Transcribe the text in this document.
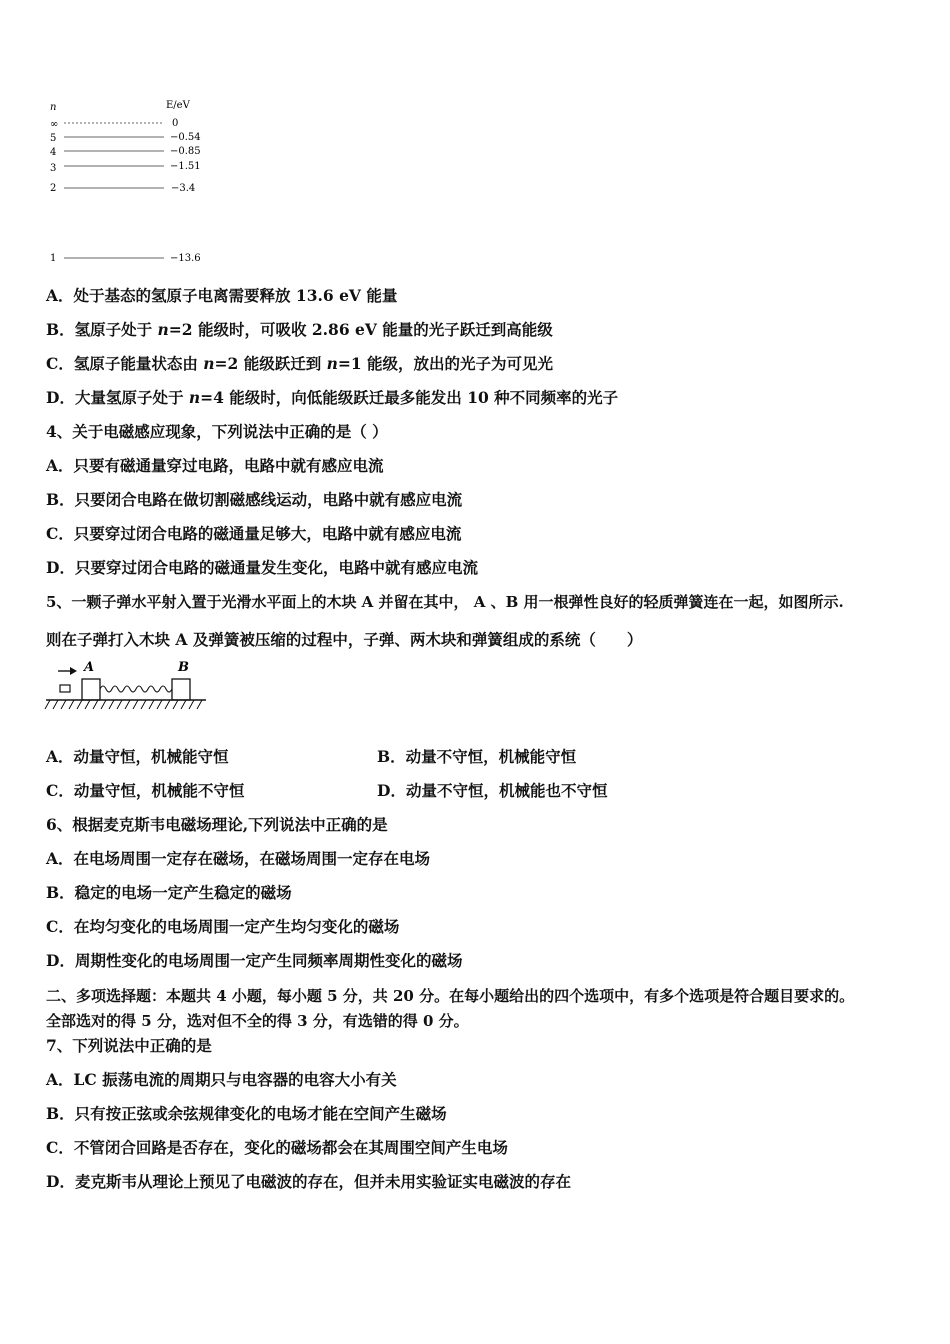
n	E/eV
∞	0
5	−0.54
4	−0.85
3	−1.51
2	−3.4
1	−13.6
A．处于基态的氢原子电离需要释放 13.6 eV 能量
B．氢原子处于 n=2 能级时，可吸收 2.86 eV 能量的光子跃迁到高能级
C．氢原子能量状态由 n=2 能级跃迁到 n=1 能级，放出的光子为可见光
D．大量氢原子处于 n=4 能级时，向低能级跃迁最多能发出 10 种不同频率的光子
4、关于电磁感应现象，下列说法中正确的是（ ）
A．只要有磁通量穿过电路，电路中就有感应电流
B．只要闭合电路在做切割磁感线运动，电路中就有感应电流
C．只要穿过闭合电路的磁通量足够大，电路中就有感应电流
D．只要穿过闭合电路的磁通量发生变化，电路中就有感应电流
5、一颗子弹水平射入置于光滑水平面上的木块 A 并留在其中， A 、B 用一根弹性良好的轻质弹簧连在一起，如图所示.
则在子弹打入木块 A 及弹簧被压缩的过程中，子弹、两木块和弹簧组成的系统（　　）
A	B
A．动量守恒，机械能守恒	B．动量不守恒，机械能守恒
C．动量守恒，机械能不守恒	D．动量不守恒，机械能也不守恒
6、根据麦克斯韦电磁场理论,下列说法中正确的是
A．在电场周围一定存在磁场，在磁场周围一定存在电场
B．稳定的电场一定产生稳定的磁场
C．在均匀变化的电场周围一定产生均匀变化的磁场
D．周期性变化的电场周围一定产生同频率周期性变化的磁场
二、多项选择题：本题共 4 小题，每小题 5 分，共 20 分。在每小题给出的四个选项中，有多个选项是符合题目要求的。
全部选对的得 5 分，选对但不全的得 3 分，有选错的得 0 分。
7、下列说法中正确的是
A．LC 振荡电流的周期只与电容器的电容大小有关
B．只有按正弦或余弦规律变化的电场才能在空间产生磁场
C．不管闭合回路是否存在，变化的磁场都会在其周围空间产生电场
D．麦克斯韦从理论上预见了电磁波的存在，但并未用实验证实电磁波的存在
